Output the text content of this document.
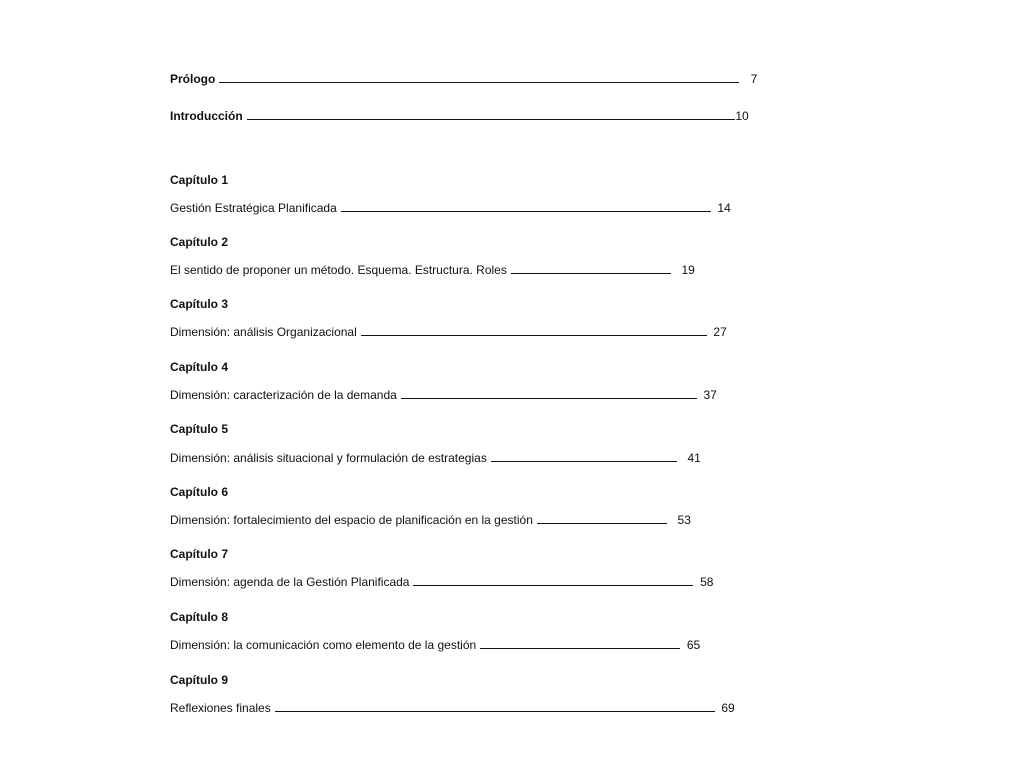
Prólogo	7
Introducción	10
Capítulo 1
Gestión Estratégica Planificada	14
Capítulo 2
El sentido de proponer un método. Esquema. Estructura. Roles	19
Capítulo 3
Dimensión: análisis Organizacional	27
Capítulo 4
Dimensión: caracterización de la demanda	37
Capítulo 5
Dimensión: análisis situacional y formulación de estrategias	41
Capítulo 6
Dimensión: fortalecimiento del espacio de planificación en la gestión	53
Capítulo 7
Dimensión: agenda de la Gestión Planificada	58
Capítulo 8
Dimensión: la comunicación como elemento de la gestión	65
Capítulo 9
Reflexiones finales	69
